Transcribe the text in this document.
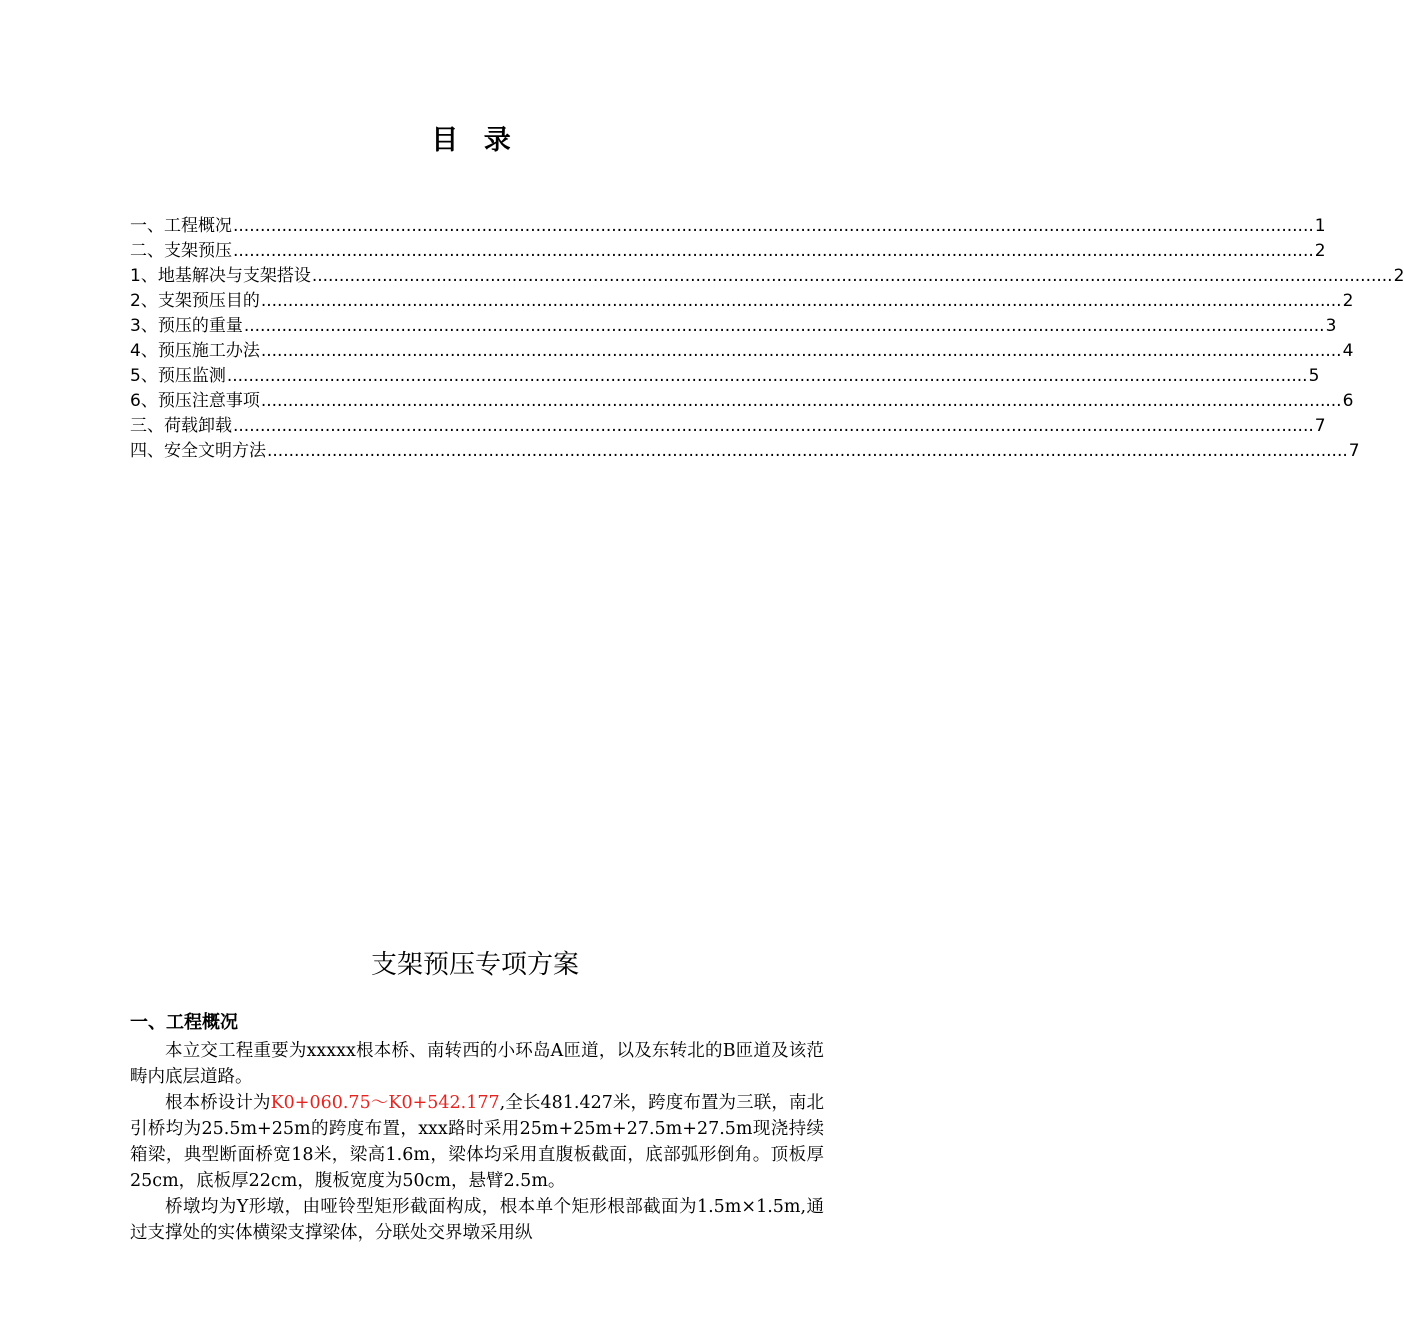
目 录
一、工程概况 ........................................................................................................................................................................................................ 1
二、支架预压 ........................................................................................................................................................................................................ 2
1、地基解决与支架搭设 ........................................................................................................................................................................................................ 2
2、支架预压目的 ........................................................................................................................................................................................................ 2
3、预压的重量 ........................................................................................................................................................................................................ 3
4、预压施工办法 ........................................................................................................................................................................................................ 4
5、预压监测 ........................................................................................................................................................................................................ 5
6、预压注意事项 ........................................................................................................................................................................................................ 6
三、荷载卸载 ........................................................................................................................................................................................................ 7
四、安全文明方法 ........................................................................................................................................................................................................ 7
支架预压专项方案
一、工程概况

本立交工程重要为xxxxx根本桥、南转西的小环岛A匝道，以及东转北的B匝道及该范畴内底层道路。

根本桥设计为K0+060.75～K0+542.177,全长481.427米，跨度布置为三联，南北引桥均为25.5m+25m的跨度布置，xxx路时采用25m+25m+27.5m+27.5m现浇持续箱梁，典型断面桥宽18米，梁高1.6m，梁体均采用直腹板截面，底部弧形倒角。顶板厚25cm，底板厚22cm，腹板宽度为50cm，悬臂2.5m。

桥墩均为Y形墩，由哑铃型矩形截面构成，根本单个矩形根部截面为1.5m×1.5m,通过支撑处的实体横梁支撑梁体，分联处交界墩采用纵
